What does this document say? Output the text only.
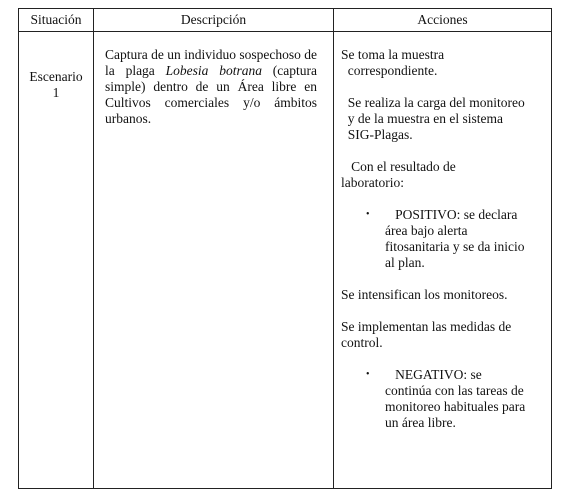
Situación	Descripción	Acciones
Escenario
1
Captura de un individuo sospechoso de la plaga Lobesia botrana (captura simple) dentro de un Área libre en Cultivos comerciales y/o ámbitos urbanos.

Se toma la muestra
correspondiente.

Se realiza la carga del monitoreo
y de la muestra en el sistema
SIG-Plagas.

Con el resultado de
laboratorio:

• POSITIVO: se declara
área bajo alerta
fitosanitaria y se da inicio
al plan.

Se intensifican los monitoreos.

Se implementan las medidas de
control.

• NEGATIVO: se
continúa con las tareas de
monitoreo habituales para
un área libre.
